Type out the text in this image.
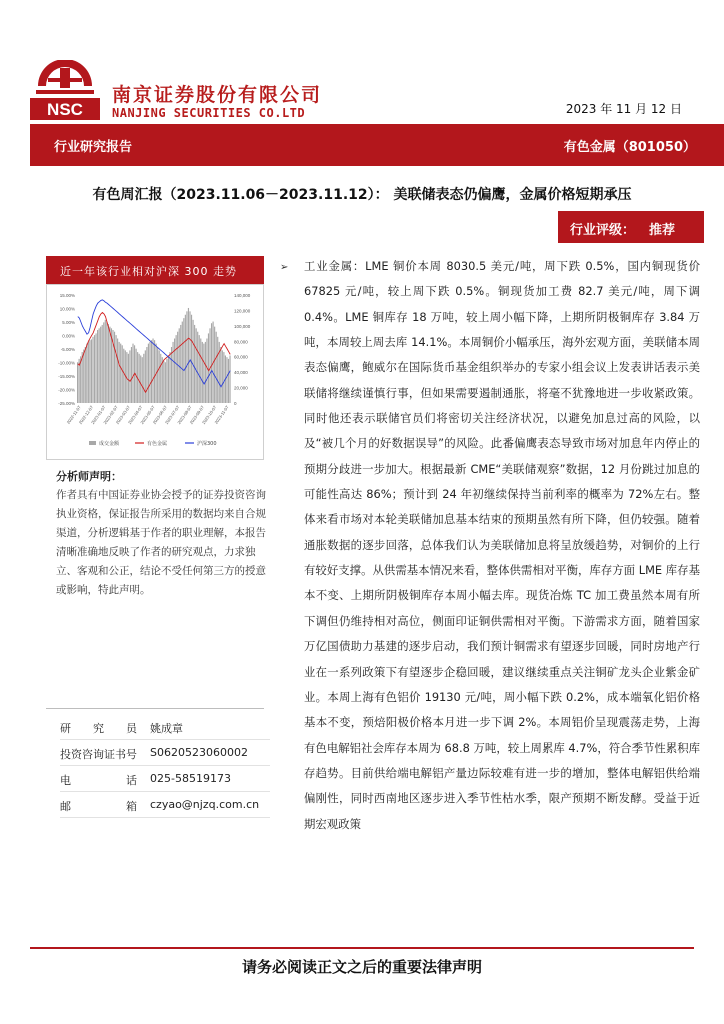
NSC
南京证券股份有限公司
NANJING SECURITIES CO.LTD	2023 年 11 月 12 日
行业研究报告	有色金属（801050）
有色周汇报（2023.11.06－2023.11.12）： 美联储表态仍偏鹰，金属价格短期承压
行业评级： 推荐
近一年该行业相对沪深 300 走势
15.00%
10.00%
5.00%
0.00%
-5.00%
-10.00%
-15.00%
-20.00%
-25.00%
140,000
120,000
100,000
80,000
60,000
40,000
20,000
0
2022-11-07
2022-12-07
2023-01-07
2023-02-07
2023-03-07
2023-04-07
2023-05-07
2023-06-07
2023-07-07
2023-08-07
2023-09-07
2023-10-07
2023-11-07
成交金额	有色金属	沪深300
分析师声明：
作者具有中国证券业协会授予的证券投资咨询执业资格，保证报告所采用的数据均来自合规渠道，分析逻辑基于作者的职业理解，本报告清晰准确地反映了作者的研究观点，力求独立、客观和公正，结论不受任何第三方的授意或影响，特此声明。
研　　究　　员 姚成章
投资咨询证书号 S0620523060002
电　　　　　话 025-58519173
邮　　　　　箱 czyao@njzq.com.cn
➢ 工业金属：LME 铜价本周 8030.5 美元/吨，周下跌 0.5%，国内铜现货价 67825 元/吨，较上周下跌 0.5%。铜现货加工费 82.7 美元/吨，周下调 0.4%。LME 铜库存 18 万吨，较上周小幅下降，上期所阴极铜库存 3.84 万吨，本周较上周去库 14.1%。本周铜价小幅承压，海外宏观方面，美联储本周表态偏鹰，鲍威尔在国际货币基金组织举办的专家小组会议上发表讲话表示美联储将继续谨慎行事，但如果需要遏制通胀，将毫不犹豫地进一步收紧政策。同时他还表示联储官员们将密切关注经济状况，以避免加息过高的风险，以及“被几个月的好数据误导”的风险。此番偏鹰表态导致市场对加息年内停止的预期分歧进一步加大。根据最新 CME“美联储观察”数据，12 月份跳过加息的可能性高达 86%；预计到 24 年初继续保持当前利率的概率为 72%左右。整体来看市场对本轮美联储加息基本结束的预期虽然有所下降，但仍较强。随着通胀数据的逐步回落，总体我们认为美联储加息将呈放缓趋势，对铜价的上行有较好支撑。从供需基本情况来看，整体供需相对平衡，库存方面 LME 库存基本不变、上期所阴极铜库存本周小幅去库。现货冶炼 TC 加工费虽然本周有所下调但仍维持相对高位，侧面印证铜供需相对平衡。下游需求方面，随着国家万亿国债助力基建的逐步启动，我们预计铜需求有望逐步回暖，同时房地产行业在一系列政策下有望逐步企稳回暖，建议继续重点关注铜矿龙头企业紫金矿业。本周上海有色铝价 19130 元/吨，周小幅下跌 0.2%，成本端氧化铝价格基本不变，预焙阳极价格本月进一步下调 2%。本周铝价呈现震荡走势，上海有色电解铝社会库存本周为 68.8 万吨，较上周累库 4.7%，符合季节性累积库存趋势。目前供给端电解铝产量边际较难有进一步的增加，整体电解铝供给端偏刚性，同时西南地区逐步进入季节性枯水季，限产预期不断发酵。受益于近期宏观政策
请务必阅读正文之后的重要法律声明
